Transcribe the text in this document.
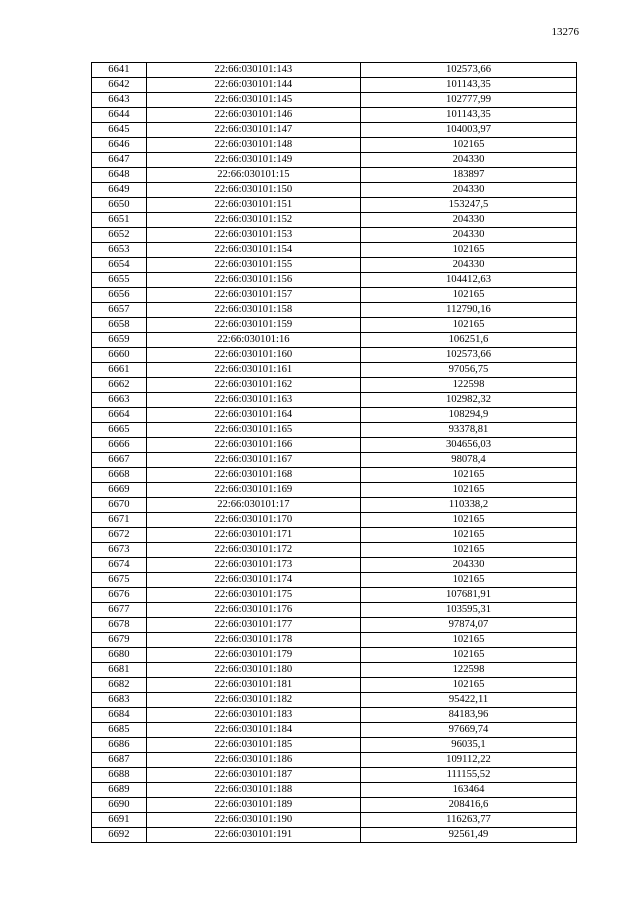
13276
6641	22:66:030101:143	102573,66
6642	22:66:030101:144	101143,35
6643	22:66:030101:145	102777,99
6644	22:66:030101:146	101143,35
6645	22:66:030101:147	104003,97
6646	22:66:030101:148	102165
6647	22:66:030101:149	204330
6648	22:66:030101:15	183897
6649	22:66:030101:150	204330
6650	22:66:030101:151	153247,5
6651	22:66:030101:152	204330
6652	22:66:030101:153	204330
6653	22:66:030101:154	102165
6654	22:66:030101:155	204330
6655	22:66:030101:156	104412,63
6656	22:66:030101:157	102165
6657	22:66:030101:158	112790,16
6658	22:66:030101:159	102165
6659	22:66:030101:16	106251,6
6660	22:66:030101:160	102573,66
6661	22:66:030101:161	97056,75
6662	22:66:030101:162	122598
6663	22:66:030101:163	102982,32
6664	22:66:030101:164	108294,9
6665	22:66:030101:165	93378,81
6666	22:66:030101:166	304656,03
6667	22:66:030101:167	98078,4
6668	22:66:030101:168	102165
6669	22:66:030101:169	102165
6670	22:66:030101:17	110338,2
6671	22:66:030101:170	102165
6672	22:66:030101:171	102165
6673	22:66:030101:172	102165
6674	22:66:030101:173	204330
6675	22:66:030101:174	102165
6676	22:66:030101:175	107681,91
6677	22:66:030101:176	103595,31
6678	22:66:030101:177	97874,07
6679	22:66:030101:178	102165
6680	22:66:030101:179	102165
6681	22:66:030101:180	122598
6682	22:66:030101:181	102165
6683	22:66:030101:182	95422,11
6684	22:66:030101:183	84183,96
6685	22:66:030101:184	97669,74
6686	22:66:030101:185	96035,1
6687	22:66:030101:186	109112,22
6688	22:66:030101:187	111155,52
6689	22:66:030101:188	163464
6690	22:66:030101:189	208416,6
6691	22:66:030101:190	116263,77
6692	22:66:030101:191	92561,49
